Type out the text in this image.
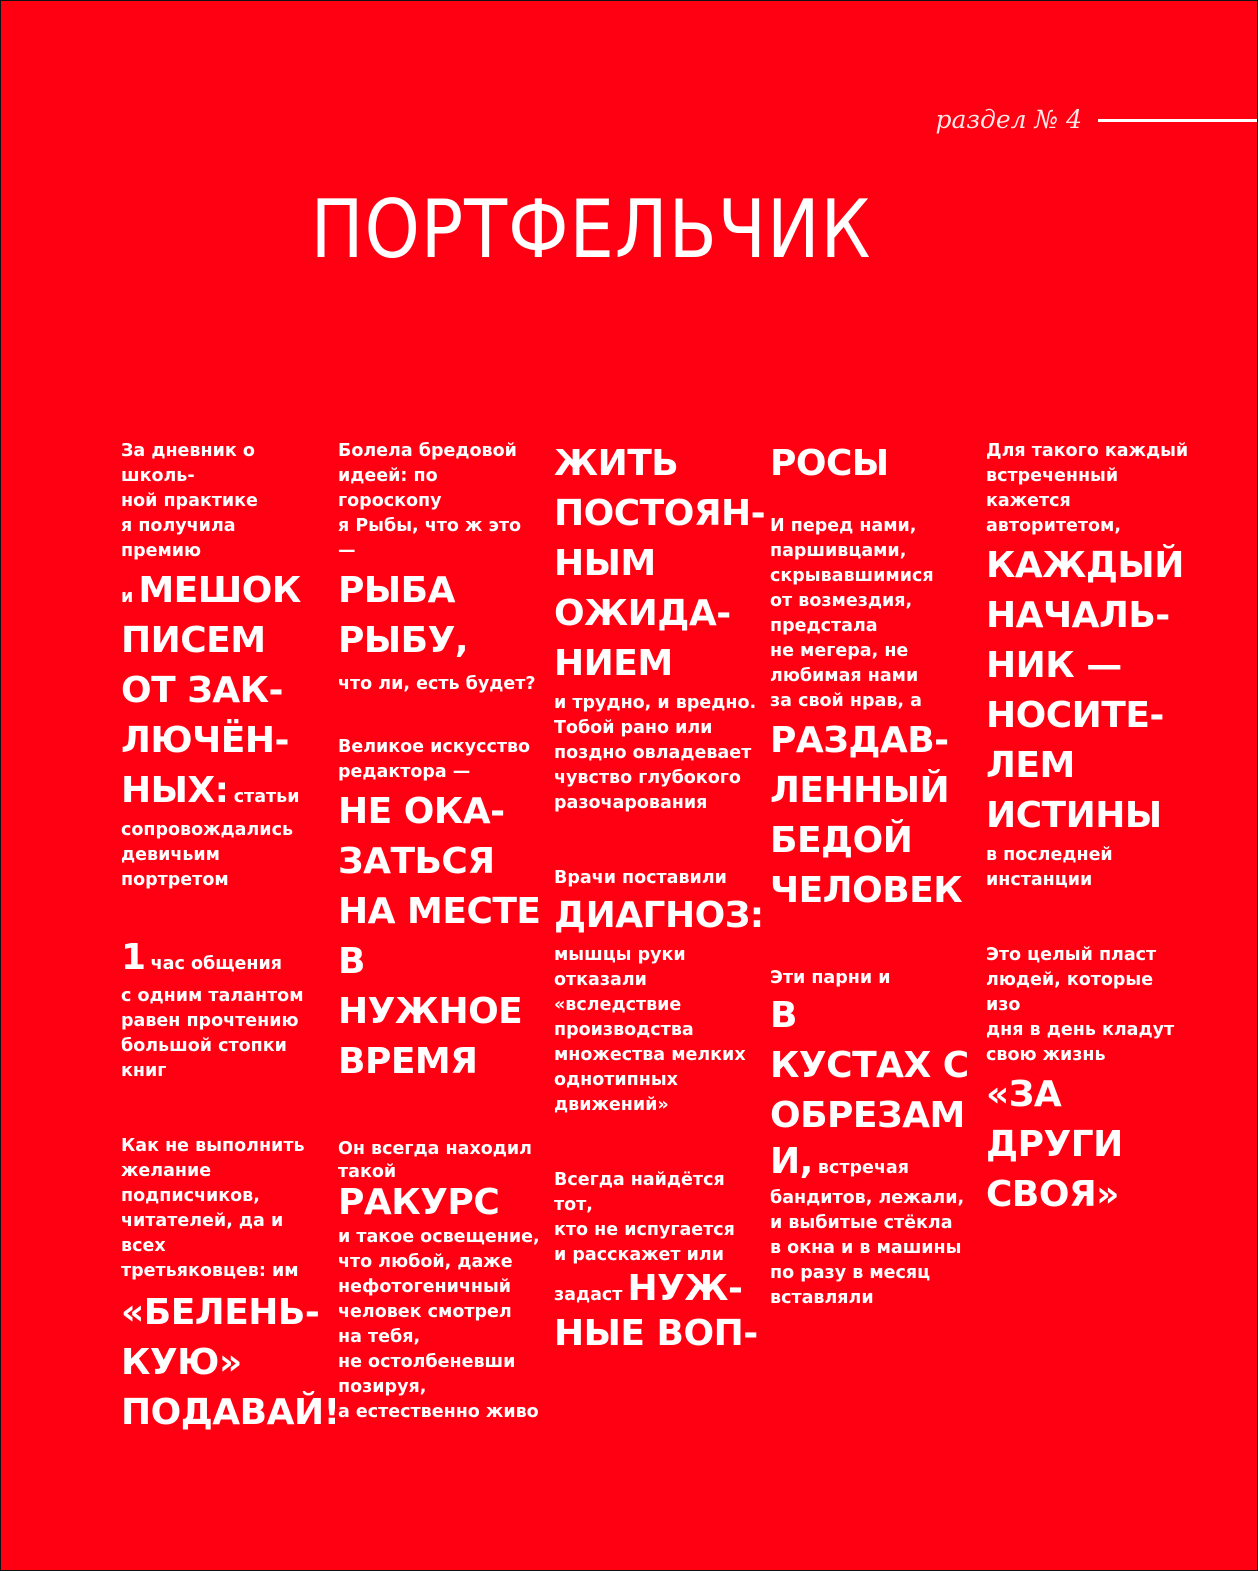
раздел № 4
ПОРТФЕЛЬЧИК
За дневник о школь-
ной практике
я получила премию
и МЕШОК
ПИСЕМ
ОТ ЗАК-
ЛЮЧЁН-
НЫХ: статьи
сопровождались
девичьим портретом
1 час общения
с одним талантом
равен прочтению
большой стопки
книг
Как не выполнить
желание
подписчиков,
читателей, да и всех
третьяковцев: им
«БЕЛЕНЬ-
КУЮ»
ПОДАВАЙ!
Болела бредовой
идеей: по гороскопу
я Рыбы, что ж это —
РЫБА
РЫБУ,
что ли, есть будет?
Великое искусство
редактора —
НЕ ОКА-
ЗАТЬСЯ
НА МЕСТЕ
В НУЖНОЕ
ВРЕМЯ
Он всегда находил
такой РАКУРС
и такое освещение,
что любой, даже
нефотогеничный
человек смотрел
на тебя,
не остолбеневши
позируя,
а естественно живо
ЖИТЬ
ПОСТОЯН-
НЫМ
ОЖИДА-
НИЕМ
и трудно, и вредно.
Тобой рано или
поздно овладевает
чувство глубокого
разочарования
Врачи поставили
ДИАГНОЗ:
мышцы руки
отказали
«вследствие
производства
множества мелких
однотипных
движений»
Всегда найдётся тот,
кто не испугается
и расскажет или
задаст НУЖ-
НЫЕ ВОП-
РОСЫ
И перед нами,
паршивцами,
скрывавшимися
от возмездия,
предстала
не мегера, не
любимая нами
за свой нрав, а
РАЗДАВ-
ЛЕННЫЙ
БЕДОЙ
ЧЕЛОВЕК
Эти парни и
В
КУСТАХ С
ОБРЕЗАМ
И, встречая
бандитов, лежали,
и выбитые стёкла
в окна и в машины
по разу в месяц
вставляли
Для такого каждый
встреченный
кажется
авторитетом,
КАЖДЫЙ
НАЧАЛЬ-
НИК —
НОСИТЕ-
ЛЕМ
ИСТИНЫ
в последней
инстанции
Это целый пласт
людей, которые изо
дня в день кладут
свою жизнь
«ЗА
ДРУГИ
СВОЯ»
